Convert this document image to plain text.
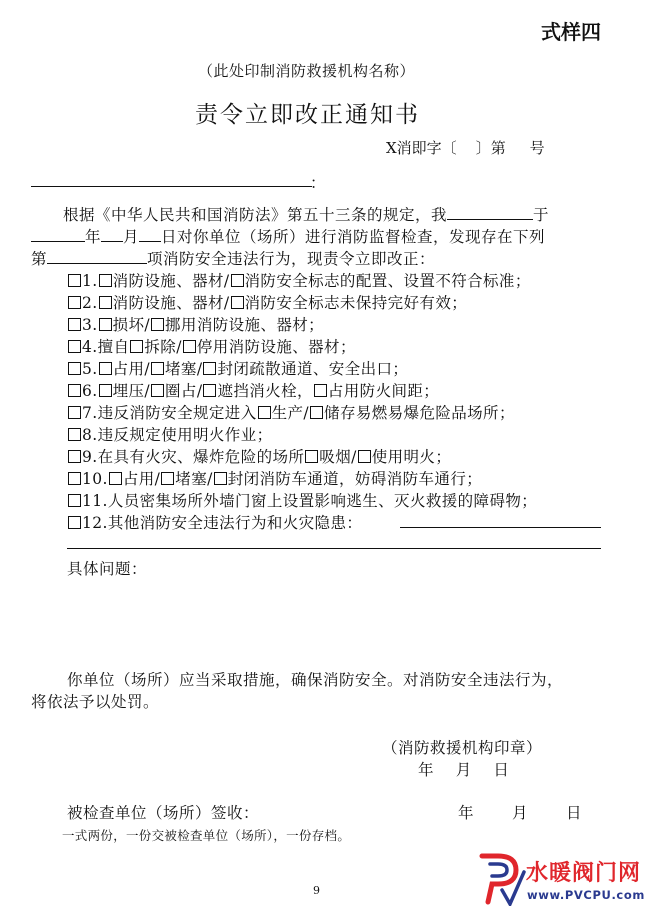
式样四
（此处印制消防救援机构名称）
责令立即改正通知书
X消即字〔    〕第     号
：
根据《中华人民共和国消防法》第五十三条的规定，我	于
年 月 日对你单位（场所）进行消防监督检查，发现存在下列
第	项消防安全违法行为，现责令立即改正：
1. 消防设施、器材/ 消防安全标志的配置、设置不符合标准；
2. 消防设施、器材/ 消防安全标志未保持完好有效；
3. 损坏/ 挪用消防设施、器材；
4.擅自 拆除/ 停用消防设施、器材；
5. 占用/ 堵塞/ 封闭疏散通道、安全出口；
6. 埋压/ 圈占/ 遮挡消火栓， 占用防火间距；
7.违反消防安全规定进入 生产/ 储存易燃易爆危险品场所；
8.违反规定使用明火作业；
9.在具有火灾、爆炸危险的场所 吸烟/ 使用明火；
10. 占用/ 堵塞/ 封闭消防车通道，妨碍消防车通行；
11.人员密集场所外墙门窗上设置影响逃生、灭火救援的障碍物；
12.其他消防安全违法行为和火灾隐患：
具体问题：
你单位（场所）应当采取措施，确保消防安全。对消防安全违法行为，
将依法予以处罚。
（消防救援机构印章）
年    月    日
被检查单位（场所）签收：	年       月       日
一式两份，一份交被检查单位（场所），一份存档。
9
水暖阀门网
www.PVCPU.com
